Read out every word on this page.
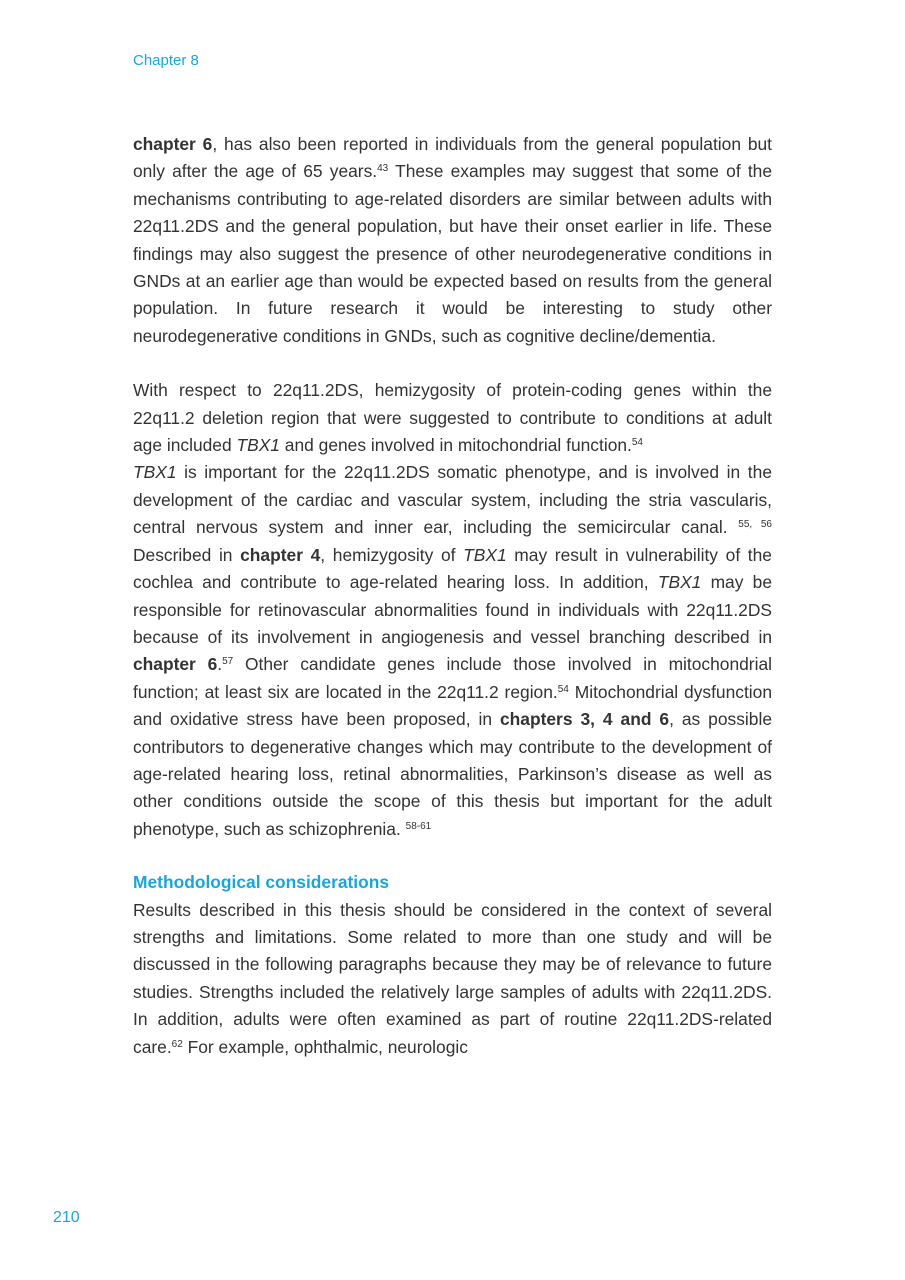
Chapter 8

chapter 6, has also been reported in individuals from the general population but only after the age of 65 years.$^{43}$ These examples may suggest that some of the mechanisms contributing to age-related disorders are similar between adults with 22q11.2DS and the general population, but have their onset earlier in life. These findings may also suggest the presence of other neurodegenerative conditions in GNDs at an earlier age than would be expected based on results from the general population. In future research it would be interesting to study other neurodegenerative conditions in GNDs, such as cognitive decline/dementia.

With respect to 22q11.2DS, hemizygosity of protein-coding genes within the 22q11.2 deletion region that were suggested to contribute to conditions at adult age included TBX1 and genes involved in mitochondrial function.$^{54}$
TBX1 is important for the 22q11.2DS somatic phenotype, and is involved in the development of the cardiac and vascular system, including the stria vascularis, central nervous system and inner ear, including the semicircular canal. $^{55, 56}$ Described in chapter 4, hemizygosity of TBX1 may result in vulnerability of the cochlea and contribute to age-related hearing loss. In addition, TBX1 may be responsible for retinovascular abnormalities found in individuals with 22q11.2DS because of its involvement in angiogenesis and vessel branching described in chapter 6.57 Other candidate genes include those involved in mitochondrial function; at least six are located in the 22q11.2 region.$^{54}$ Mitochondrial dysfunction and oxidative stress have been proposed, in chapters 3, 4 and 6, as possible contributors to degenerative changes which may contribute to the development of age-related hearing loss, retinal abnormalities, Parkinson’s disease as well as other conditions outside the scope of this thesis but important for the adult phenotype, such as schizophrenia. $^{58-61}$

Methodological considerations

Results described in this thesis should be considered in the context of several strengths and limitations. Some related to more than one study and will be discussed in the following paragraphs because they may be of relevance to future studies. Strengths included the relatively large samples of adults with 22q11.2DS. In addition, adults were often examined as part of routine 22q11.2DS-related care.$^{62}$ For example, ophthalmic, neurologic

210
